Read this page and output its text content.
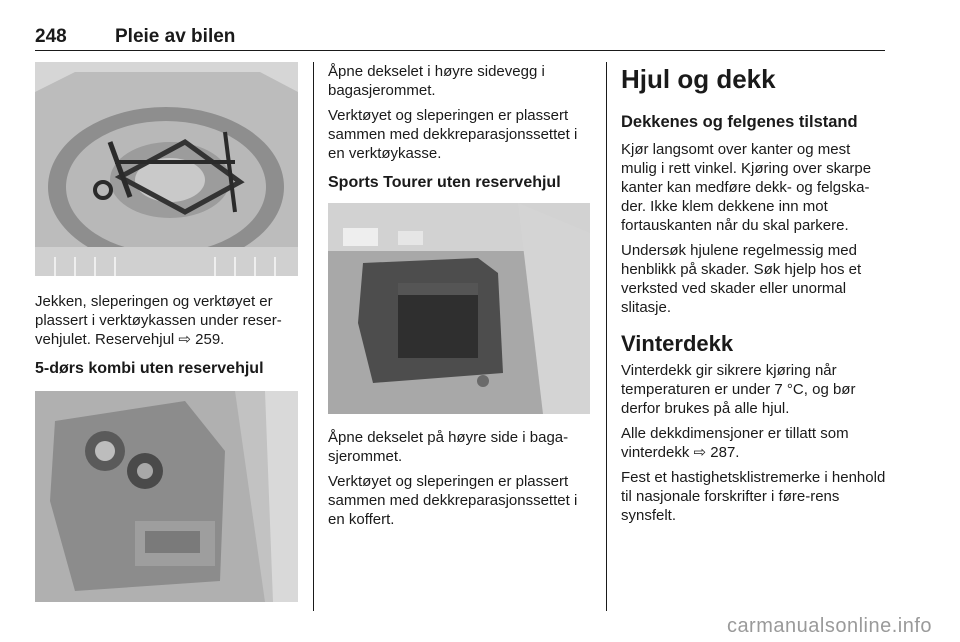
248	Pleie av bilen

Jekken, sleperingen og verktøyet er plassert i verktøykassen under reser-vehjulet. Reservehjul ⇨ 259.

5-dørs kombi uten reservehjul

Åpne dekselet i høyre sidevegg i bagasjerommet.

Verktøyet og sleperingen er plassert sammen med dekkreparasjonssettet i en verktøykasse.

Sports Tourer uten reservehjul

Åpne dekselet på høyre side i baga-sjerommet.

Verktøyet og sleperingen er plassert sammen med dekkreparasjonssettet i en koffert.

Hjul og dekk
Dekkenes og felgenes tilstand

Kjør langsomt over kanter og mest mulig i rett vinkel. Kjøring over skarpe kanter kan medføre dekk- og felgska-der. Ikke klem dekkene inn mot fortauskanten når du skal parkere.

Undersøk hjulene regelmessig med henblikk på skader. Søk hjelp hos et verksted ved skader eller unormal slitasje.

Vinterdekk

Vinterdekk gir sikrere kjøring når temperaturen er under 7 °C, og bør derfor brukes på alle hjul.

Alle dekkdimensjoner er tillatt som vinterdekk ⇨ 287.

Fest et hastighetsklistremerke i henhold til nasjonale forskrifter i føre-rens synsfelt.

carmanualsonline.info
